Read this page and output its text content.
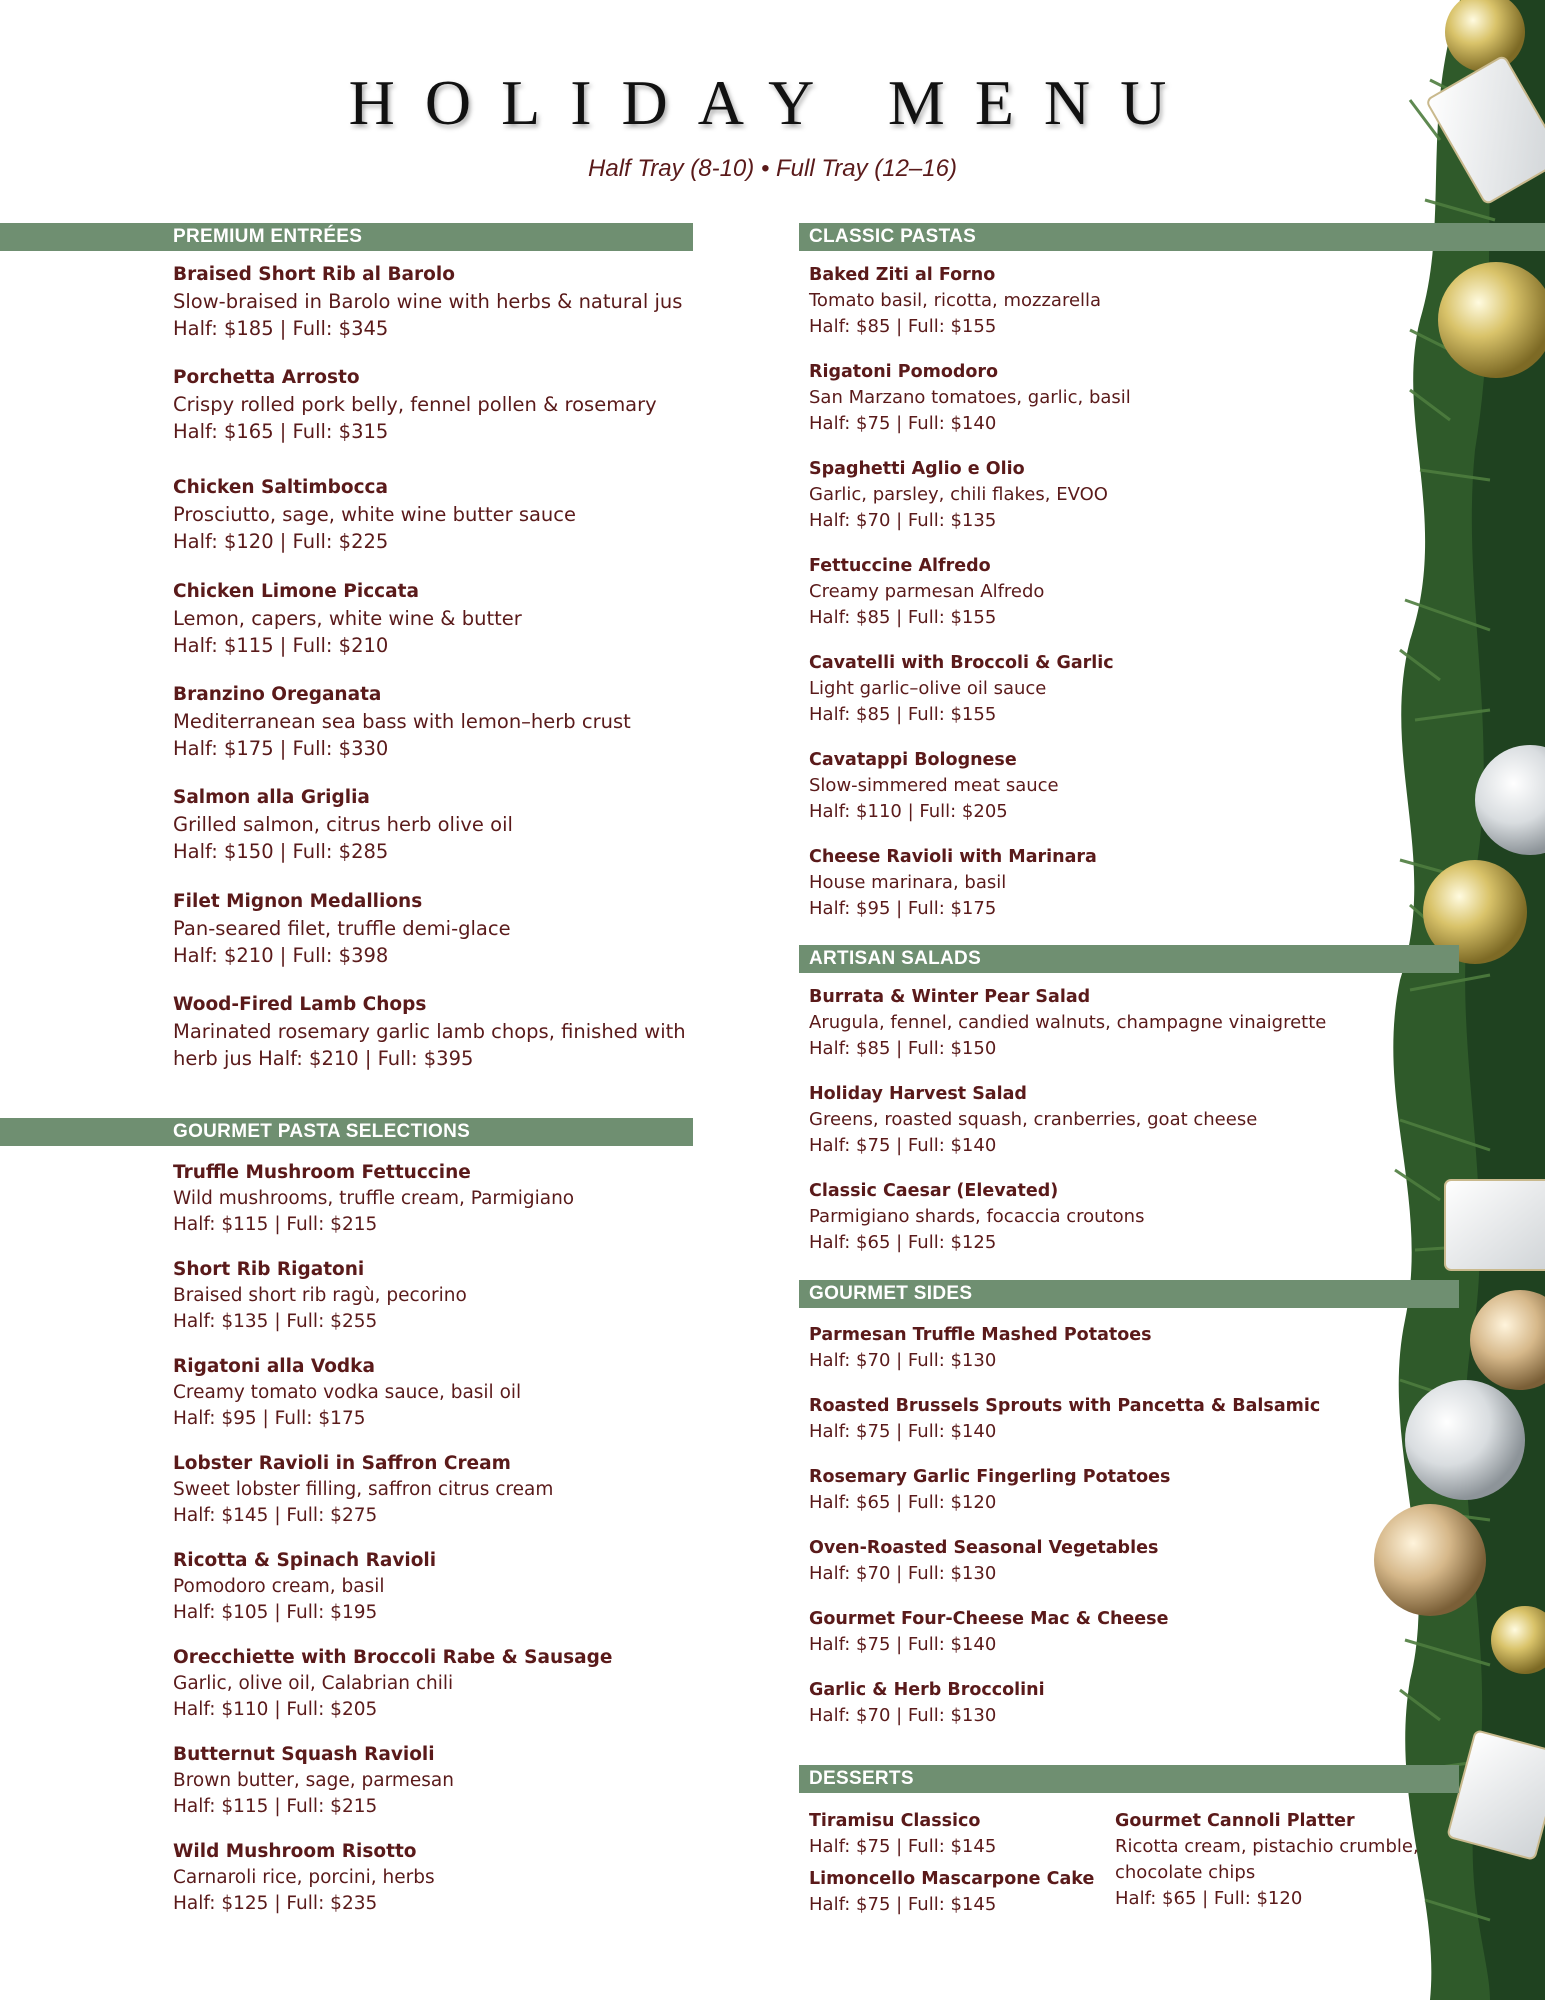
HOLIDAY MENU
Half Tray (8-10) • Full Tray (12–16)
PREMIUM ENTRÉES
Braised Short Rib al Barolo
Slow-braised in Barolo wine with herbs & natural jus
Half: $185 | Full: $345
Porchetta Arrosto
Crispy rolled pork belly, fennel pollen & rosemary
Half: $165 | Full: $315
Chicken Saltimbocca
Prosciutto, sage, white wine butter sauce
Half: $120 | Full: $225
Chicken Limone Piccata
Lemon, capers, white wine & butter
Half: $115 | Full: $210
Branzino Oreganata
Mediterranean sea bass with lemon–herb crust
Half: $175 | Full: $330
Salmon alla Griglia
Grilled salmon, citrus herb olive oil
Half: $150 | Full: $285
Filet Mignon Medallions
Pan-seared filet, truffle demi-glace
Half: $210 | Full: $398
Wood-Fired Lamb Chops
Marinated rosemary garlic lamb chops, finished with
herb jus Half: $210 | Full: $395
GOURMET PASTA SELECTIONS
Truffle Mushroom Fettuccine
Wild mushrooms, truffle cream, Parmigiano
Half: $115 | Full: $215
Short Rib Rigatoni
Braised short rib ragù, pecorino
Half: $135 | Full: $255
Rigatoni alla Vodka
Creamy tomato vodka sauce, basil oil
Half: $95 | Full: $175
Lobster Ravioli in Saffron Cream
Sweet lobster filling, saffron citrus cream
Half: $145 | Full: $275
Ricotta & Spinach Ravioli
Pomodoro cream, basil
Half: $105 | Full: $195
Orecchiette with Broccoli Rabe & Sausage
Garlic, olive oil, Calabrian chili
Half: $110 | Full: $205
Butternut Squash Ravioli
Brown butter, sage, parmesan
Half: $115 | Full: $215
Wild Mushroom Risotto
Carnaroli rice, porcini, herbs
Half: $125 | Full: $235
CLASSIC PASTAS
Baked Ziti al Forno
Tomato basil, ricotta, mozzarella
Half: $85 | Full: $155
Rigatoni Pomodoro
San Marzano tomatoes, garlic, basil
Half: $75 | Full: $140
Spaghetti Aglio e Olio
Garlic, parsley, chili flakes, EVOO
Half: $70 | Full: $135
Fettuccine Alfredo
Creamy parmesan Alfredo
Half: $85 | Full: $155
Cavatelli with Broccoli & Garlic
Light garlic–olive oil sauce
Half: $85 | Full: $155
Cavatappi Bolognese
Slow-simmered meat sauce
Half: $110 | Full: $205
Cheese Ravioli with Marinara
House marinara, basil
Half: $95 | Full: $175
ARTISAN SALADS
Burrata & Winter Pear Salad
Arugula, fennel, candied walnuts, champagne vinaigrette
Half: $85 | Full: $150
Holiday Harvest Salad
Greens, roasted squash, cranberries, goat cheese
Half: $75 | Full: $140
Classic Caesar (Elevated)
Parmigiano shards, focaccia croutons
Half: $65 | Full: $125
GOURMET SIDES
Parmesan Truffle Mashed Potatoes
Half: $70 | Full: $130
Roasted Brussels Sprouts with Pancetta & Balsamic
Half: $75 | Full: $140
Rosemary Garlic Fingerling Potatoes
Half: $65 | Full: $120
Oven-Roasted Seasonal Vegetables
Half: $70 | Full: $130
Gourmet Four-Cheese Mac & Cheese
Half: $75 | Full: $140
Garlic & Herb Broccolini
Half: $70 | Full: $130
DESSERTS
Tiramisu Classico
Half: $75 | Full: $145
Limoncello Mascarpone Cake
Half: $75 | Full: $145
Gourmet Cannoli Platter
Ricotta cream, pistachio crumble,
chocolate chips
Half: $65 | Full: $120
